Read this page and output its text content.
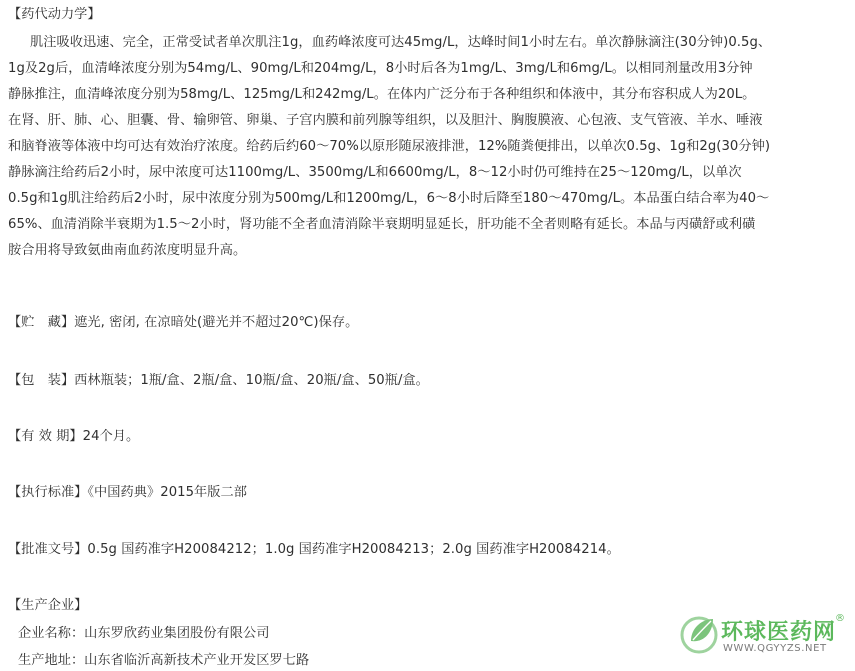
【药代动力学】
肌注吸收迅速、完全，正常受试者单次肌注1g，血药峰浓度可达45mg/L，达峰时间1小时左右。单次静脉滴注(30分钟)0.5g、
1g及2g后，血清峰浓度分别为54mg/L、90mg/L和204mg/L，8小时后各为1mg/L、3mg/L和6mg/L。以相同剂量改用3分钟
静脉推注，血清峰浓度分别为58mg/L、125mg/L和242mg/L。在体内广泛分布于各种组织和体液中，其分布容积成人为20L。
在肾、肝、肺、心、胆囊、骨、输卵管、卵巢、子宫内膜和前列腺等组织，以及胆汁、胸腹膜液、心包液、支气管液、羊水、唾液
和脑脊液等体液中均可达有效治疗浓度。给药后约60～70%以原形随尿液排泄，12%随粪便排出，以单次0.5g、1g和2g(30分钟)
静脉滴注给药后2小时，尿中浓度可达1100mg/L、3500mg/L和6600mg/L，8～12小时仍可维持在25～120mg/L，以单次
0.5g和1g肌注给药后2小时，尿中浓度分别为500mg/L和1200mg/L，6～8小时后降至180～470mg/L。本品蛋白结合率为40～
65%、血清消除半衰期为1.5～2小时，肾功能不全者血清消除半衰期明显延长，肝功能不全者则略有延长。本品与丙磺舒或利磺
胺合用将导致氨曲南血药浓度明显升高。
【贮　藏】遮光, 密闭, 在凉暗处(避光并不超过20℃)保存。
【包　装】西林瓶装；1瓶/盒、2瓶/盒、10瓶/盒、20瓶/盒、50瓶/盒。
【有 效 期】24个月。
【执行标准】《中国药典》2015年版二部
【批准文号】0.5g 国药准字H20084212；1.0g 国药准字H20084213；2.0g 国药准字H20084214。
【生产企业】
企业名称：山东罗欣药业集团股份有限公司
生产地址：山东省临沂高新技术产业开发区罗七路
环球医药网
®
WWW.QGYYZS.NET
